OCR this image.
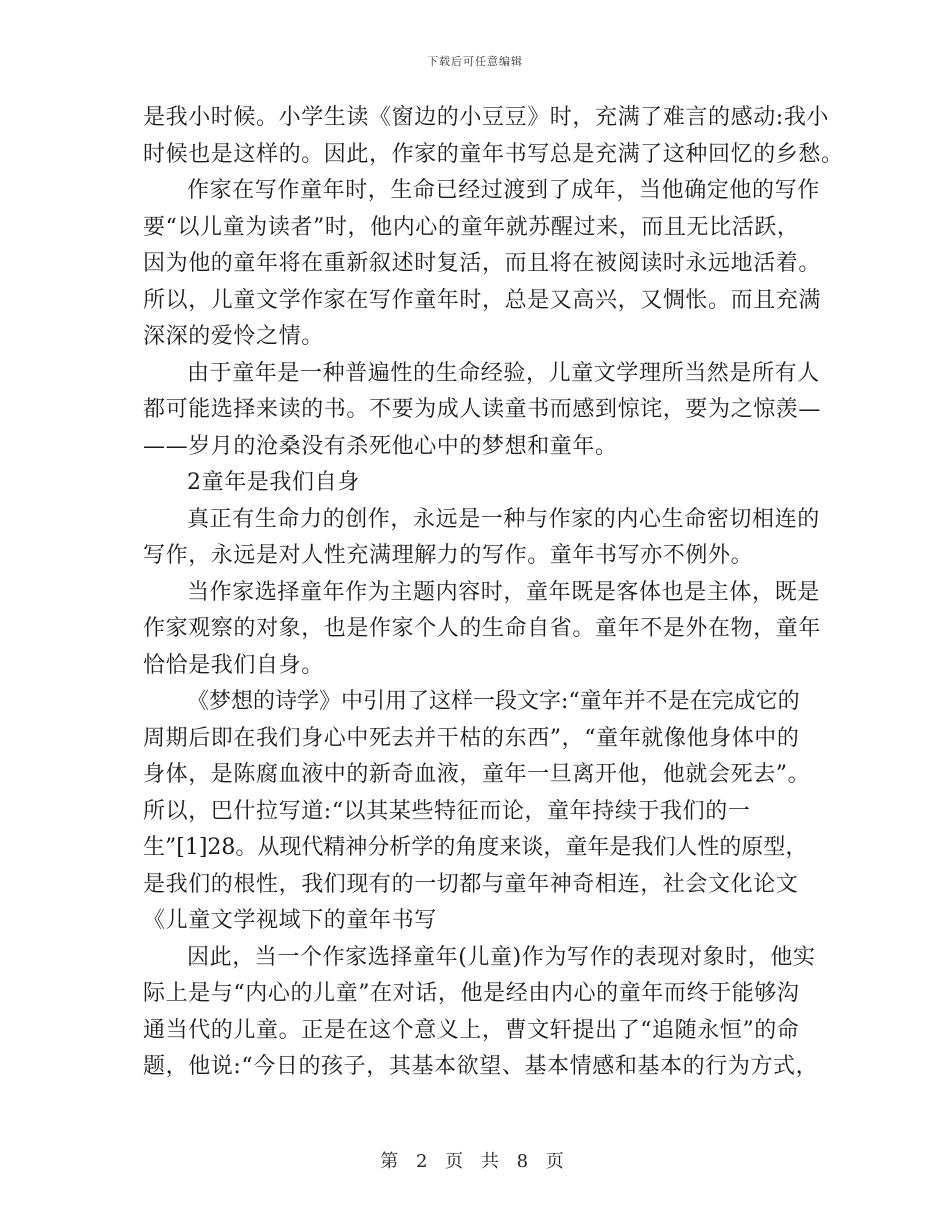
下载后可任意编辑
是我小时候。小学生读《窗边的小豆豆》时，充满了难言的感动:我小
时候也是这样的。因此，作家的童年书写总是充满了这种回忆的乡愁。
作家在写作童年时，生命已经过渡到了成年，当他确定他的写作
要“以儿童为读者”时，他内心的童年就苏醒过来，而且无比活跃，
因为他的童年将在重新叙述时复活，而且将在被阅读时永远地活着。
所以，儿童文学作家在写作童年时，总是又高兴，又惆怅。而且充满
深深的爱怜之情。
由于童年是一种普遍性的生命经验，儿童文学理所当然是所有人
都可能选择来读的书。不要为成人读童书而感到惊诧，要为之惊羡—
——岁月的沧桑没有杀死他心中的梦想和童年。
2童年是我们自身
真正有生命力的创作，永远是一种与作家的内心生命密切相连的
写作，永远是对人性充满理解力的写作。童年书写亦不例外。
当作家选择童年作为主题内容时，童年既是客体也是主体，既是
作家观察的对象，也是作家个人的生命自省。童年不是外在物，童年
恰恰是我们自身。
《梦想的诗学》中引用了这样一段文字:“童年并不是在完成它的
周期后即在我们身心中死去并干枯的东西”，“童年就像他身体中的
身体，是陈腐血液中的新奇血液，童年一旦离开他，他就会死去”。
所以，巴什拉写道:“以其某些特征而论，童年持续于我们的一
生”[1]28。从现代精神分析学的角度来谈，童年是我们人性的原型，
是我们的根性，我们现有的一切都与童年神奇相连，社会文化论文
《儿童文学视域下的童年书写
因此，当一个作家选择童年(儿童)作为写作的表现对象时，他实
际上是与“内心的儿童”在对话，他是经由内心的童年而终于能够沟
通当代的儿童。正是在这个意义上，曹文轩提出了“追随永恒”的命
题，他说:“今日的孩子，其基本欲望、基本情感和基本的行为方式，
第 2 页 共 8 页
